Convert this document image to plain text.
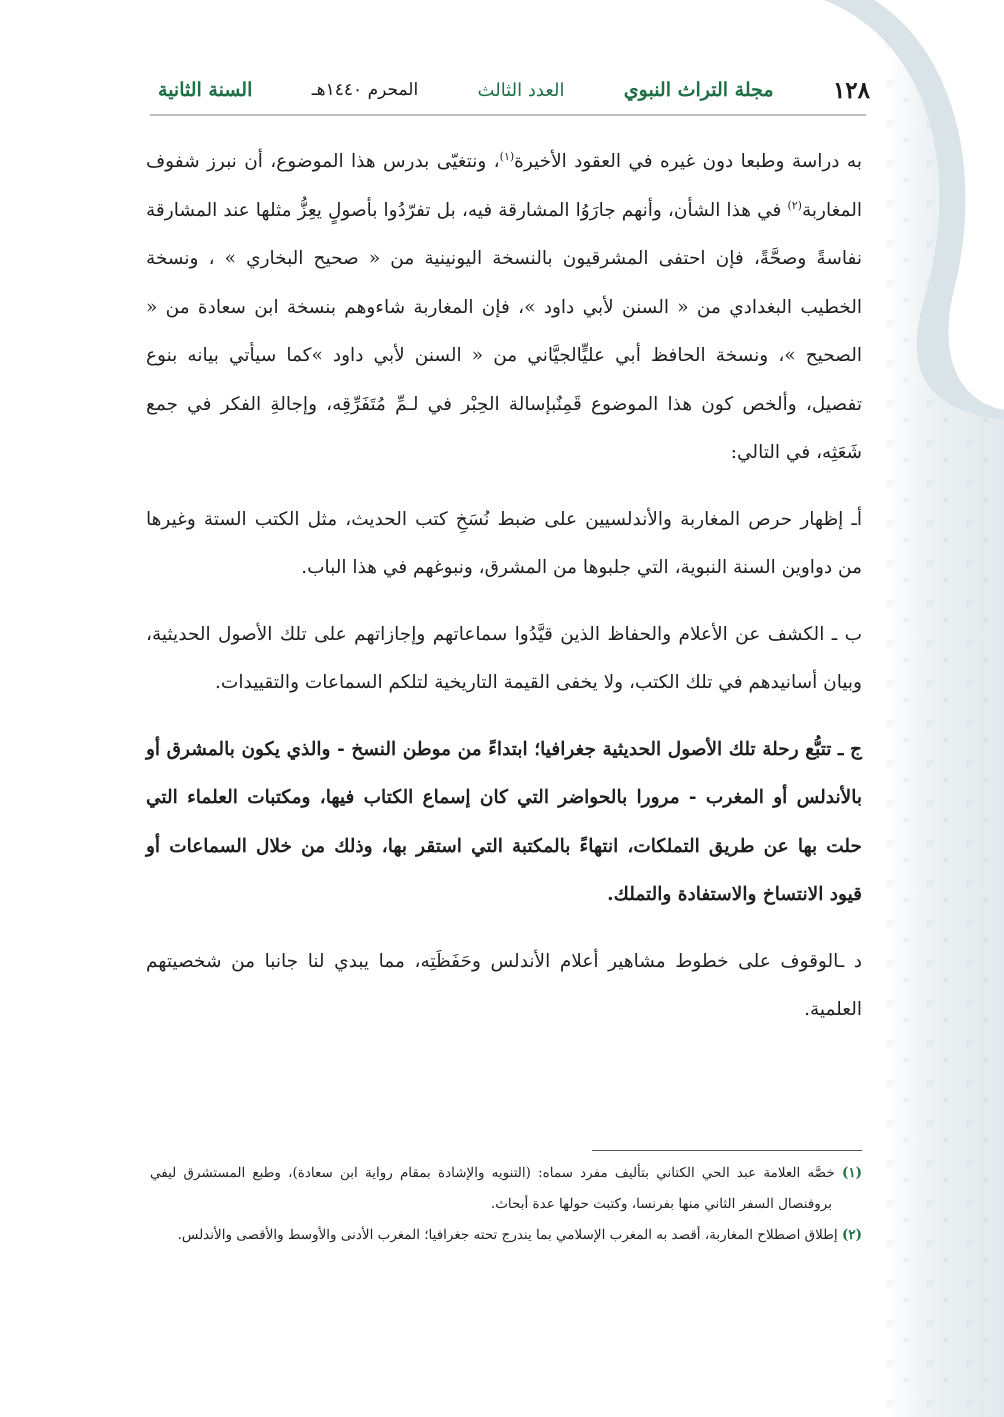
١٢٨
مجلة التراث النبوي
العدد الثالث
المحرم ١٤٤٠هـ
السنة الثانية

به دراسة وطبعا دون غيره في العقود الأخيرة$^{(١)}$، ونتغيّى بدرس هذا الموضوع، أن نبرز شفوف المغاربة$^{(٢)}$ في هذا الشأن، وأنهم جارَوُا المشارقة فيه، بل تفرّدُوا بأصولٍ يعِزُّ مثلها عند المشارقة نفاسةً وصحَّةً، فإن احتفى المشرقيون بالنسخة اليونينية من « صحيح البخاري » ، ونسخة الخطيب البغدادي من « السنن لأبي داود »، فإن المغاربة شاءوهم بنسخة ابن سعادة من « الصحيح »، ونسخة الحافظ أبي عليٍّالجيَّاني من « السنن لأبي داود »كما سيأتي بيانه بنوع تفصيل، وألخص كون هذا الموضوع قَمِنٌبإسالة الحِبْر في لـمِّ مُتَفَرِّقِه، وإجالةِ الفكر في جمع شَعَثِه، في التالي:

أـ إظهار حرص المغاربة والأندلسيين على ضبط نُسَخِ كتب الحديث، مثل الكتب الستة وغيرها من دواوين السنة النبوية، التي جلبوها من المشرق، ونبوغهم في هذا الباب.

ب ـ الكشف عن الأعلام والحفاظ الذين قيَّدُوا سماعاتهم وإجازاتهم على تلك الأصول الحديثية، وبيان أسانيدهم في تلك الكتب، ولا يخفى القيمة التاريخية لتلكم السماعات والتقييدات.

ج ـ تتبُّع رحلة تلك الأصول الحديثية جغرافيا؛ ابتداءً من موطن النسخ - والذي يكون بالمشرق أو بالأندلس أو المغرب - مرورا بالحواضر التي كان إسماع الكتاب فيها، ومكتبات العلماء التي حلت بها عن طريق التملكات، انتهاءً بالمكتبة التي استقر بها، وذلك من خلال السماعات أو قيود الانتساخ والاستفادة والتملك.

د ـالوقوف على خطوط مشاهير أعلام الأندلس وحَفَظَتِه، مما يبدي لنا جانبا من شخصيتهم العلمية.

(١) خصَّه العلامة عبد الحي الكتاني بتأليف مفرد سماه: (التنويه والإشادة بمقام رواية ابن سعادة)، وطبع المستشرق ليفي بروفنصال السفر الثاني منها بفرنسا، وكتبت حولها عدة أبحاث.

(٢) إطلاق اصطلاح المغاربة، أقصد به المغرب الإسلامي بما يندرج تحته جغرافيا؛ المغرب الأدنى والأوسط والأقصى والأندلس.
